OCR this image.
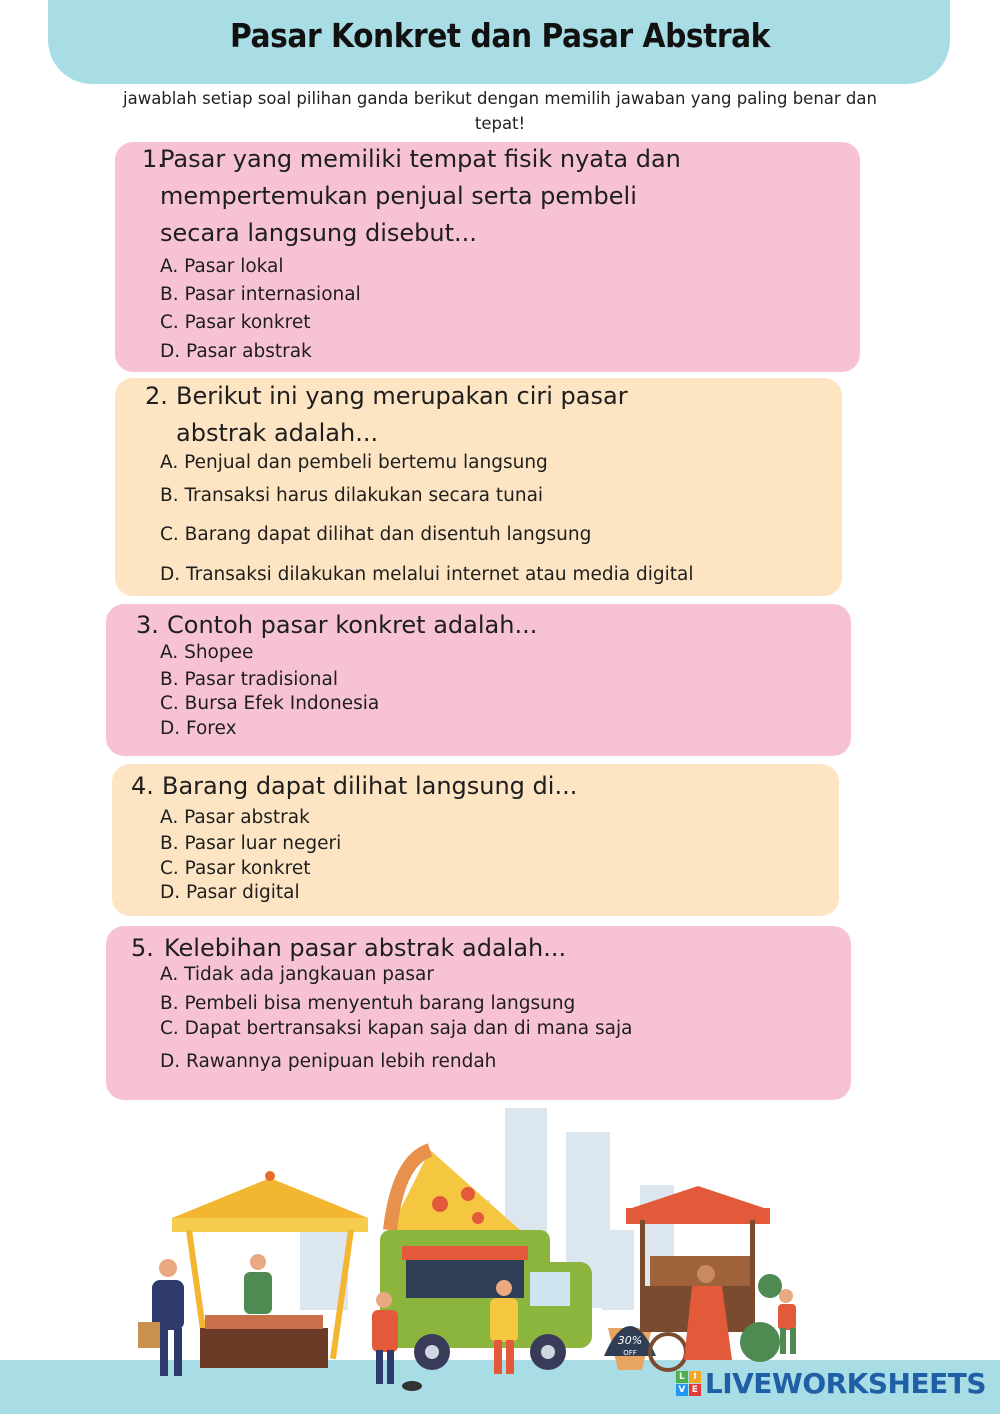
Pasar Konkret dan Pasar Abstrak
jawablah setiap soal pilihan ganda berikut dengan memilih jawaban yang paling benar dan tepat!
1.
Pasar yang memiliki tempat fisik nyata dan
mempertemukan penjual serta pembeli
secara langsung disebut...
A. Pasar lokal
B. Pasar internasional
C. Pasar konkret
D. Pasar abstrak
2. Berikut ini yang merupakan ciri pasar
abstrak adalah...
A. Penjual dan pembeli bertemu langsung
B. Transaksi harus dilakukan secara tunai
C. Barang dapat dilihat dan disentuh langsung
D. Transaksi dilakukan melalui internet atau media digital
3. Contoh pasar konkret adalah...
A. Shopee
B. Pasar tradisional
C. Bursa Efek Indonesia
D. Forex
4. Barang dapat dilihat langsung di...
A. Pasar abstrak
B. Pasar luar negeri
C. Pasar konkret
D. Pasar digital
5. Kelebihan pasar abstrak adalah...
A. Tidak ada jangkauan pasar
B. Pembeli bisa menyentuh barang langsung
C. Dapat bertransaksi kapan saja dan di mana saja
D. Rawannya penipuan lebih rendah
30%
OFF
L I
V E LIVEWORKSHEETS
